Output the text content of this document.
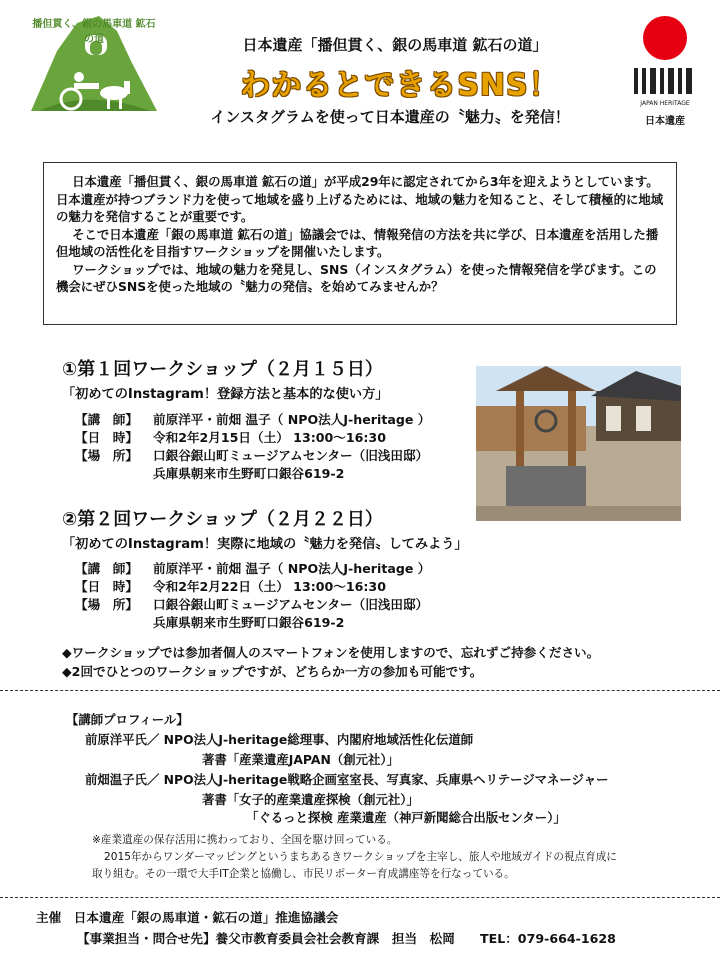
播但貫く、銀の馬車道 鉱石の道	日本遺産「播但貫く、銀の馬車道 鉱石の道」
わかるとできるSNS！
インスタグラムを使って日本遺産の〝魅力〟を発信！
JAPAN HERITAGE
日本遺産

日本遺産「播但貫く、銀の馬車道 鉱石の道」が平成29年に認定されてから3年を迎えようとしています。日本遺産が持つブランド力を使って地域を盛り上げるためには、地域の魅力を知ること、そして積極的に地域の魅力を発信することが重要です。

そこで日本遺産「銀の馬車道 鉱石の道」協議会では、情報発信の方法を共に学び、日本遺産を活用した播但地域の活性化を目指すワークショップを開催いたします。

ワークショップでは、地域の魅力を発見し、SNS（インスタグラム）を使った情報発信を学びます。この機会にぜひSNSを使った地域の〝魅力の発信〟を始めてみませんか？

①第１回ワークショップ（２月１５日）
「初めてのInstagram！登録方法と基本的な使い方」
【講　師】 前原洋平・前畑 温子（ NPO法人J-heritage ）
【日　時】 令和2年2月15日（土） 13:00～16:30
【場　所】 口銀谷銀山町ミュージアムセンター（旧浅田邸）
兵庫県朝来市生野町口銀谷619-2
②第２回ワークショップ（２月２２日）
「初めてのInstagram！実際に地域の〝魅力を発信〟してみよう」
【講　師】 前原洋平・前畑 温子（ NPO法人J-heritage ）
【日　時】 令和2年2月22日（土） 13:00～16:30
【場　所】 口銀谷銀山町ミュージアムセンター（旧浅田邸）
兵庫県朝来市生野町口銀谷619-2
◆ワークショップでは参加者個人のスマートフォンを使用しますので、忘れずご持参ください。
◆2回でひとつのワークショップですが、どちらか一方の参加も可能です。
【講師プロフィール】
前原洋平氏／ NPO法人J-heritage総理事、内閣府地域活性化伝道師
著書「産業遺産JAPAN（創元社）」
前畑温子氏／ NPO法人J-heritage戦略企画室室長、写真家、兵庫県ヘリテージマネージャー
著書「女子的産業遺産探検（創元社）」
「ぐるっと探検 産業遺産（神戸新聞総合出版センター）」
※産業遺産の保存活用に携わっており、全国を駆け回っている。
2015年からワンダーマッピングというまちあるきワークショップを主宰し、旅人や地域ガイドの視点育成に
取り組む。その一環で大手IT企業と協働し、市民リポーター育成講座等を行なっている。
主催　日本遺産「銀の馬車道・鉱石の道」推進協議会
【事業担当・問合せ先】養父市教育委員会社会教育課　担当　松岡　　TEL：079-664-1628
